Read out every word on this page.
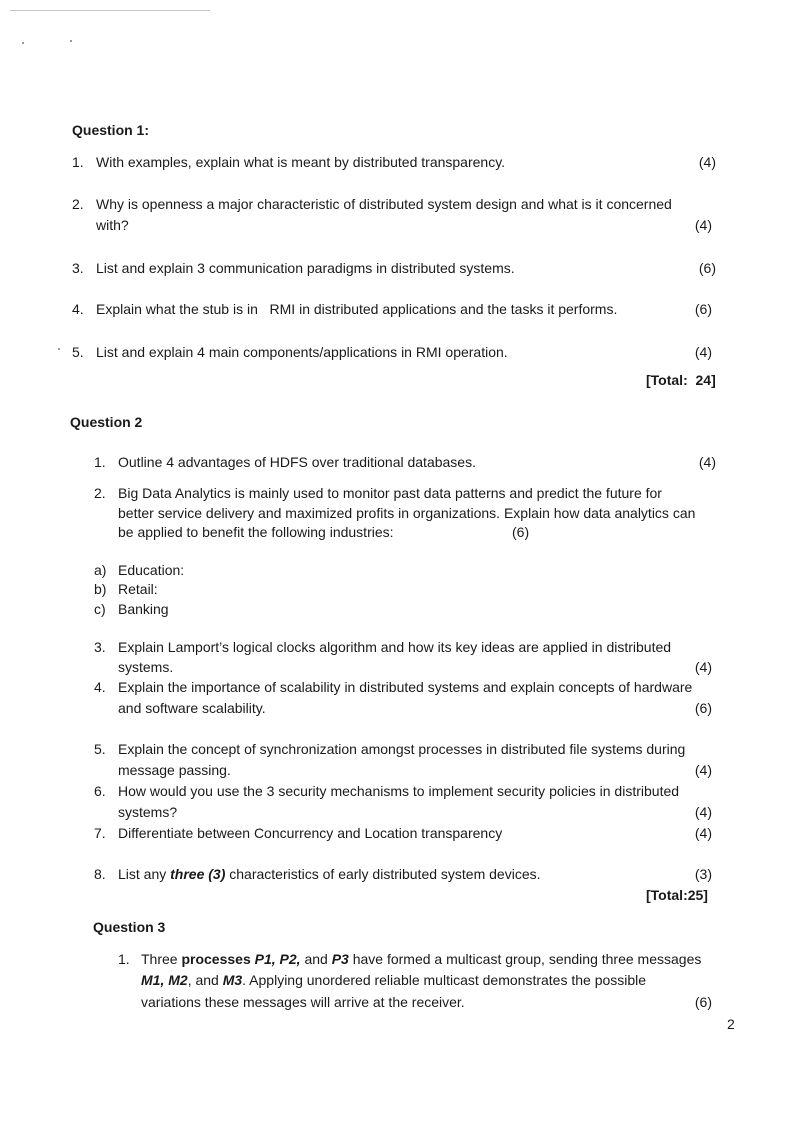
Question 1:
1. With examples, explain what is meant by distributed transparency.	(4)
2. Why is openness a major characteristic of distributed system design and what is it concerned
with?	(4)
3. List and explain 3 communication paradigms in distributed systems.	(6)
4. Explain what the stub is in   RMI in distributed applications and the tasks it performs.	(6)
5. List and explain 4 main components/applications in RMI operation.	(4)
[Total:  24]
Question 2
1. Outline 4 advantages of HDFS over traditional databases.	(4)
2. Big Data Analytics is mainly used to monitor past data patterns and predict the future for
better service delivery and maximized profits in organizations. Explain how data analytics can
be applied to benefit the following industries:	(6)
a) Education:
b) Retail:
c) Banking
3. Explain Lamport’s logical clocks algorithm and how its key ideas are applied in distributed
systems.	(4)
4. Explain the importance of scalability in distributed systems and explain concepts of hardware
and software scalability.	(6)
5. Explain the concept of synchronization amongst processes in distributed file systems during
message passing.	(4)
6. How would you use the 3 security mechanisms to implement security policies in distributed
systems?	(4)
7. Differentiate between Concurrency and Location transparency	(4)
8. List any three (3) characteristics of early distributed system devices.	(3)
[Total:25]
Question 3
1. Three processes P1, P2, and P3 have formed a multicast group, sending three messages
M1, M2, and M3. Applying unordered reliable multicast demonstrates the possible
variations these messages will arrive at the receiver.	(6)
2
